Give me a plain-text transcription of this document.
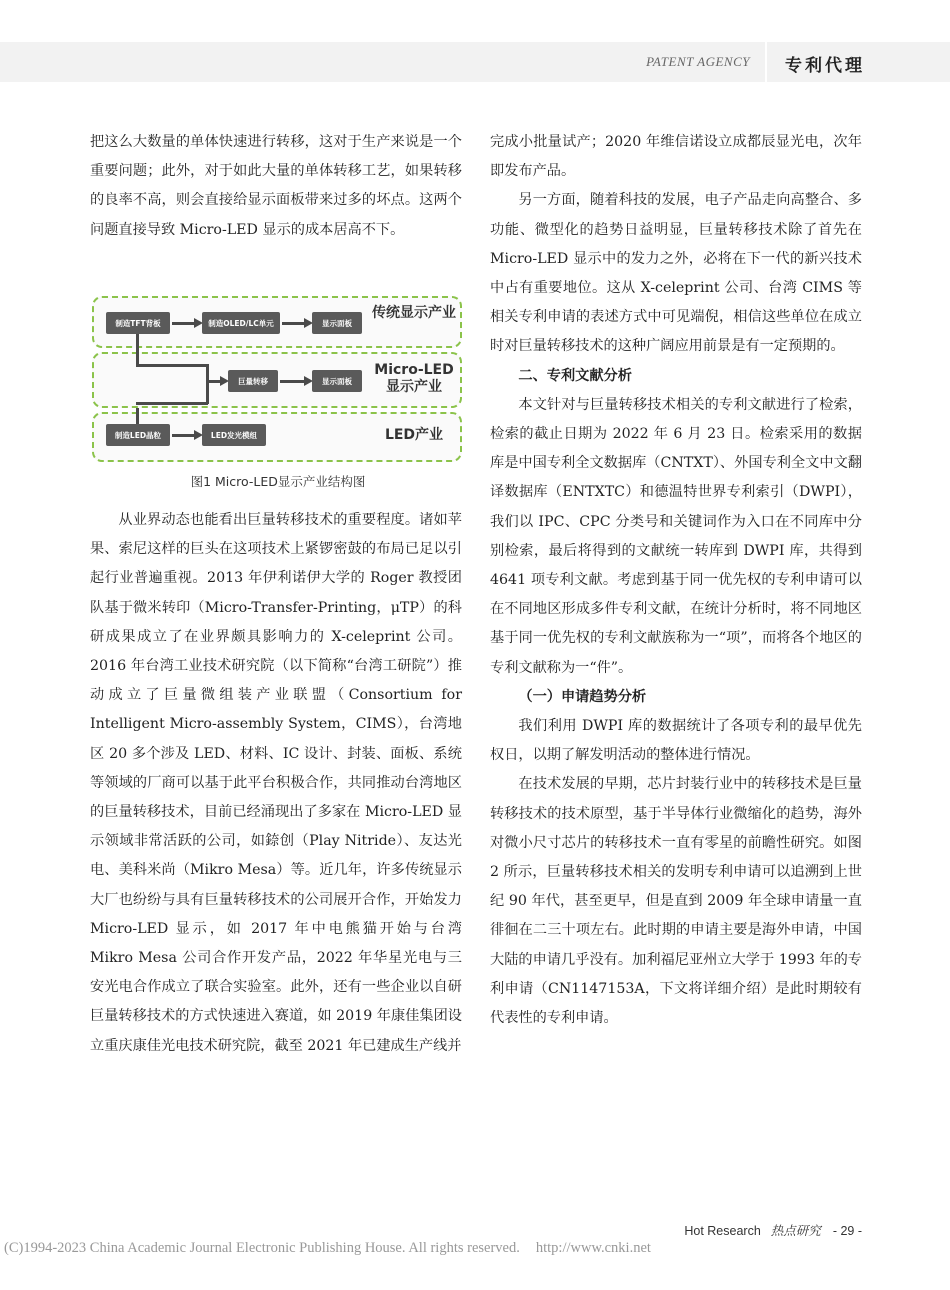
PATENT AGENCY 专利代理

把这么大数量的单体快速进行转移，这对于生产来说是一个重要问题；此外，对于如此大量的单体转移工艺，如果转移的良率不高，则会直接给显示面板带来过多的坏点。这两个问题直接导致 Micro-LED 显示的成本居高不下。

制造TFT背板	制造OLED/LC单元	显示面板
巨量转移	显示面板
制造LED晶粒	LED发光模组
传统显示产业
Micro-LED
显示产业
LED产业
图1 Micro-LED显示产业结构图

从业界动态也能看出巨量转移技术的重要程度。诸如苹果、索尼这样的巨头在这项技术上紧锣密鼓的布局已足以引起行业普遍重视。2013 年伊利诺伊大学的 Roger 教授团队基于微米转印（Micro-Transfer-Printing，μTP）的科研成果成立了在业界颇具影响力的 X-celeprint 公司。2016 年台湾工业技术研究院（以下简称“台湾工研院”）推动成立了巨量微组装产业联盟（Consortium for Intelligent Micro-assembly System，CIMS），台湾地区 20 多个涉及 LED、材料、IC 设计、封装、面板、系统等领域的厂商可以基于此平台积极合作，共同推动台湾地区的巨量转移技术，目前已经涌现出了多家在 Micro-LED 显示领域非常活跃的公司，如錼创（Play Nitride）、友达光电、美科米尚（Mikro Mesa）等。近几年，许多传统显示大厂也纷纷与具有巨量转移技术的公司展开合作，开始发力 Micro-LED 显示，如 2017 年中电熊猫开始与台湾 Mikro Mesa 公司合作开发产品，2022 年华星光电与三安光电合作成立了联合实验室。此外，还有一些企业以自研巨量转移技术的方式快速进入赛道，如 2019 年康佳集团设立重庆康佳光电技术研究院，截至 2021 年已建成生产线并

完成小批量试产；2020 年维信诺设立成都辰显光电，次年即发布产品。

另一方面，随着科技的发展，电子产品走向高整合、多功能、微型化的趋势日益明显，巨量转移技术除了首先在 Micro-LED 显示中的发力之外，必将在下一代的新兴技术中占有重要地位。这从 X-celeprint 公司、台湾 CIMS 等相关专利申请的表述方式中可见端倪，相信这些单位在成立时对巨量转移技术的这种广阔应用前景是有一定预期的。

二、专利文献分析

本文针对与巨量转移技术相关的专利文献进行了检索，检索的截止日期为 2022 年 6 月 23 日。检索采用的数据库是中国专利全文数据库（CNTXT）、外国专利全文中文翻译数据库（ENTXTC）和德温特世界专利索引（DWPI），我们以 IPC、CPC 分类号和关键词作为入口在不同库中分别检索，最后将得到的文献统一转库到 DWPI 库，共得到 4641 项专利文献。考虑到基于同一优先权的专利申请可以在不同地区形成多件专利文献，在统计分析时，将不同地区基于同一优先权的专利文献族称为一“项”，而将各个地区的专利文献称为一“件”。

（一）申请趋势分析

我们利用 DWPI 库的数据统计了各项专利的最早优先权日，以期了解发明活动的整体进行情况。

在技术发展的早期，芯片封装行业中的转移技术是巨量转移技术的技术原型，基于半导体行业微缩化的趋势，海外对微小尺寸芯片的转移技术一直有零星的前瞻性研究。如图 2 所示，巨量转移技术相关的发明专利申请可以追溯到上世纪 90 年代，甚至更早，但是直到 2009 年全球申请量一直徘徊在二三十项左右。此时期的申请主要是海外申请，中国大陆的申请几乎没有。加利福尼亚州立大学于 1993 年的专利申请（CN1147153A，下文将详细介绍）是此时期较有代表性的专利申请。

Hot Research 热点研究 - 29 -
(C)1994-2023 China Academic Journal Electronic Publishing House. All rights reserved. http://www.cnki.net
